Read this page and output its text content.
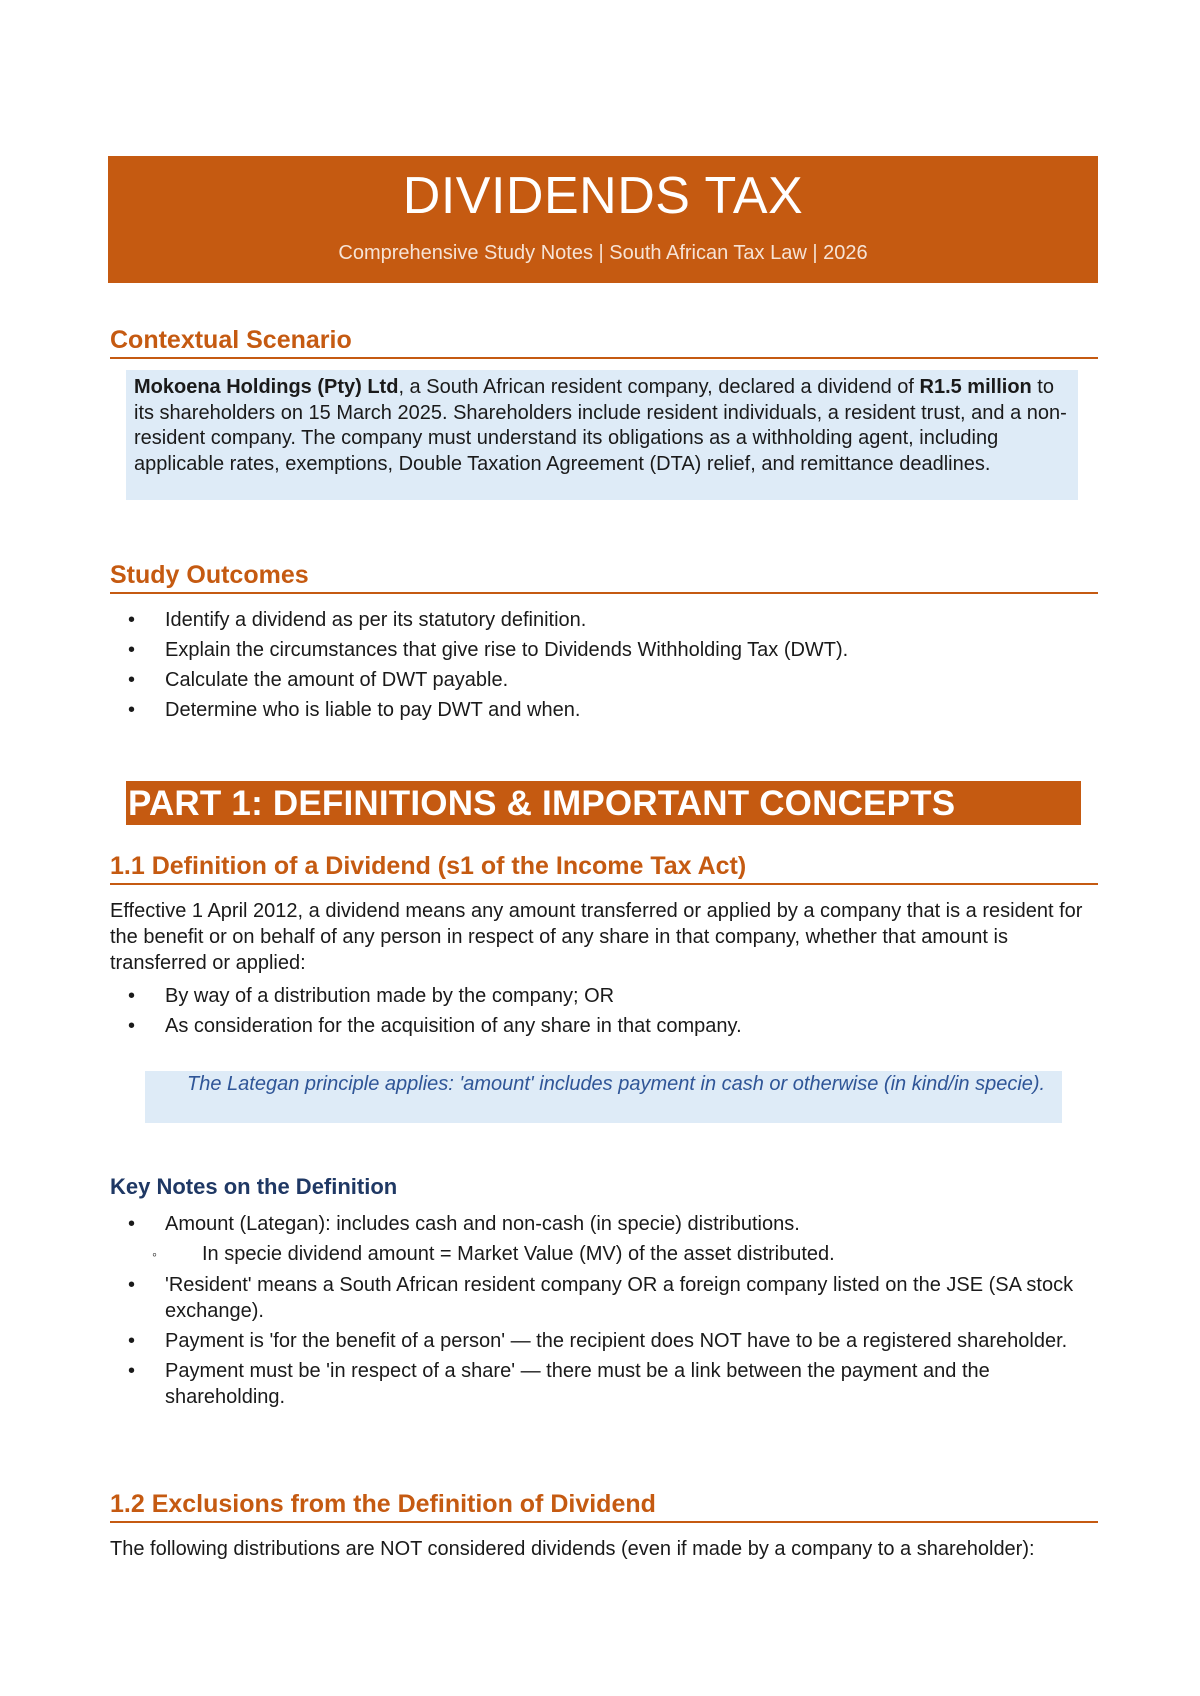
DIVIDENDS TAX
Comprehensive Study Notes | South African Tax Law | 2026
Contextual Scenario
Mokoena Holdings (Pty) Ltd, a South African resident company, declared a dividend of R1.5 million to its shareholders on 15 March 2025. Shareholders include resident individuals, a resident trust, and a non-resident company. The company must understand its obligations as a withholding agent, including applicable rates, exemptions, Double Taxation Agreement (DTA) relief, and remittance deadlines.
Study Outcomes
• Identify a dividend as per its statutory definition.
• Explain the circumstances that give rise to Dividends Withholding Tax (DWT).
• Calculate the amount of DWT payable.
• Determine who is liable to pay DWT and when.
PART 1: DEFINITIONS & IMPORTANT CONCEPTS
1.1 Definition of a Dividend (s1 of the Income Tax Act)
Effective 1 April 2012, a dividend means any amount transferred or applied by a company that is a resident for the benefit or on behalf of any person in respect of any share in that company, whether that amount is transferred or applied:
• By way of a distribution made by the company; OR
• As consideration for the acquisition of any share in that company.
The Lategan principle applies: 'amount' includes payment in cash or otherwise (in kind/in specie).
Key Notes on the Definition
• Amount (Lategan): includes cash and non-cash (in specie) distributions.
◦ In specie dividend amount = Market Value (MV) of the asset distributed.
• 'Resident' means a South African resident company OR a foreign company listed on the JSE (SA stock exchange).
• Payment is 'for the benefit of a person' — the recipient does NOT have to be a registered shareholder.
• Payment must be 'in respect of a share' — there must be a link between the payment and the shareholding.
1.2 Exclusions from the Definition of Dividend
The following distributions are NOT considered dividends (even if made by a company to a shareholder):
